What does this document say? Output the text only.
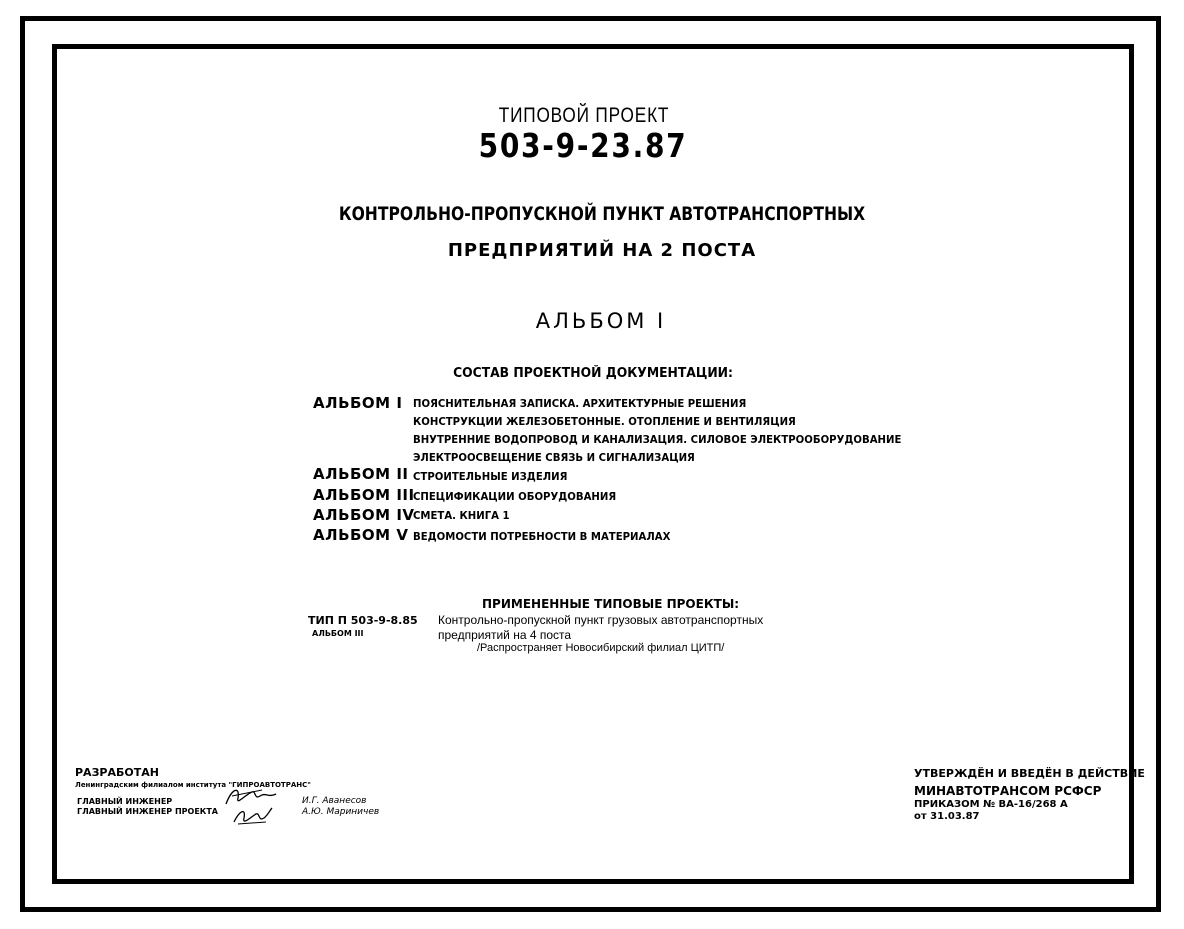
ТИПОВОЙ ПРОЕКТ
503-9-23.87
КОНТРОЛЬНО-ПРОПУСКНОЙ ПУНКТ АВТОТРАНСПОРТНЫХ
ПРЕДПРИЯТИЙ НА 2 ПОСТА
АЛЬБОМ I
СОСТАВ ПРОЕКТНОЙ ДОКУМЕНТАЦИИ:
АЛЬБОМ I ПОЯСНИТЕЛЬНАЯ ЗАПИСКА. АРХИТЕКТУРНЫЕ РЕШЕНИЯ
КОНСТРУКЦИИ ЖЕЛЕЗОБЕТОННЫЕ. ОТОПЛЕНИЕ И ВЕНТИЛЯЦИЯ
ВНУТРЕННИЕ ВОДОПРОВОД И КАНАЛИЗАЦИЯ. СИЛОВОЕ ЭЛЕКТРООБОРУДОВАНИЕ
ЭЛЕКТРООСВЕЩЕНИЕ СВЯЗЬ И СИГНАЛИЗАЦИЯ
АЛЬБОМ II СТРОИТЕЛЬНЫЕ ИЗДЕЛИЯ
АЛЬБОМ III
СПЕЦИФИКАЦИИ ОБОРУДОВАНИЯ
АЛЬБОМ IV
СМЕТА. КНИГА 1
АЛЬБОМ V ВЕДОМОСТИ ПОТРЕБНОСТИ В МАТЕРИАЛАХ
ПРИМЕНЕННЫЕ ТИПОВЫЕ ПРОЕКТЫ:
ТИП П 503-9-8.85
АЛЬБОМ III
Контрольно-пропускной пункт грузовых автотранспортных
предприятий на 4 поста
/Распространяет Новосибирский филиал ЦИТП/
РАЗРАБОТАН
Ленинградским филиалом института "ГИПРОАВТОТРАНС"
ГЛАВНЫЙ ИНЖЕНЕР
ГЛАВНЫЙ ИНЖЕНЕР ПРОЕКТА
И.Г. Аванесов
А.Ю. Мариничев
УТВЕРЖДЁН И ВВЕДЁН В ДЕЙСТВИЕ
МИНАВТОТРАНСОМ РСФСР
ПРИКАЗОМ № ВА-16/268 А
от 31.03.87
